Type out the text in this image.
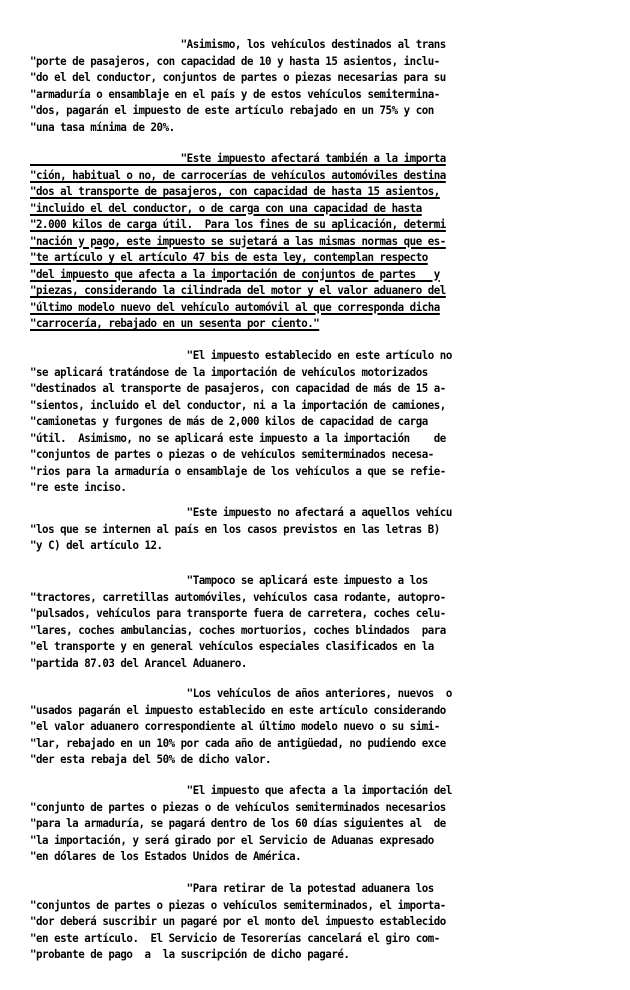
"Asimismo, los vehículos destinados al trans
"porte de pasajeros, con capacidad de 10 y hasta 15 asientos, inclu-
"do el del conductor, conjuntos de partes o piezas necesarias para su
"armaduría o ensamblaje en el país y de estos vehículos semitermina-
"dos, pagarán el impuesto de este artículo rebajado en un 75% y con
"una tasa mínima de 20%.
"Este impuesto afectará también a la importa
"ción, habitual o no, de carrocerías de vehículos automóviles destina
"dos al transporte de pasajeros, con capacidad de hasta 15 asientos,
"incluido el del conductor, o de carga con una capacidad de hasta
"2.000 kilos de carga útil.  Para los fines de su aplicación, determi
"nación y pago, este impuesto se sujetará a las mismas normas que es-
"te artículo y el artículo 47 bis de esta ley, contemplan respecto
"del impuesto que afecta a la importación de conjuntos de partes   y
"piezas, considerando la cilindrada del motor y el valor aduanero del
"último modelo nuevo del vehículo automóvil al que corresponda dicha
"carrocería, rebajado en un sesenta por ciento."
"El impuesto establecido en este artículo no
"se aplicará tratándose de la importación de vehículos motorizados
"destinados al transporte de pasajeros, con capacidad de más de 15 a-
"sientos, incluido el del conductor, ni a la importación de camiones,
"camionetas y furgones de más de 2,000 kilos de capacidad de carga
"útil.  Asimismo, no se aplicará este impuesto a la importación    de
"conjuntos de partes o piezas o de vehículos semiterminados necesa-
"rios para la armaduría o ensamblaje de los vehículos a que se refie-
"re este inciso.
"Este impuesto no afectará a aquellos vehícu
"los que se internen al país en los casos previstos en las letras B)
"y C) del artículo 12.
"Tampoco se aplicará este impuesto a los
"tractores, carretillas automóviles, vehículos casa rodante, autopro-
"pulsados, vehículos para transporte fuera de carretera, coches celu-
"lares, coches ambulancias, coches mortuorios, coches blindados  para
"el transporte y en general vehículos especiales clasificados en la
"partida 87.03 del Arancel Aduanero.
"Los vehículos de años anteriores, nuevos  o
"usados pagarán el impuesto establecido en este artículo considerando
"el valor aduanero correspondiente al último modelo nuevo o su simi-
"lar, rebajado en un 10% por cada año de antigüedad, no pudiendo exce
"der esta rebaja del 50% de dicho valor.
"El impuesto que afecta a la importación del
"conjunto de partes o piezas o de vehículos semiterminados necesarios
"para la armaduría, se pagará dentro de los 60 días siguientes al  de
"la importación, y será girado por el Servicio de Aduanas expresado
"en dólares de los Estados Unidos de América.
"Para retirar de la potestad aduanera los
"conjuntos de partes o piezas o vehículos semiterminados, el importa-
"dor deberá suscribir un pagaré por el monto del impuesto establecido
"en este artículo.  El Servicio de Tesorerías cancelará el giro com-
"probante de pago  a  la suscripción de dicho pagaré.
